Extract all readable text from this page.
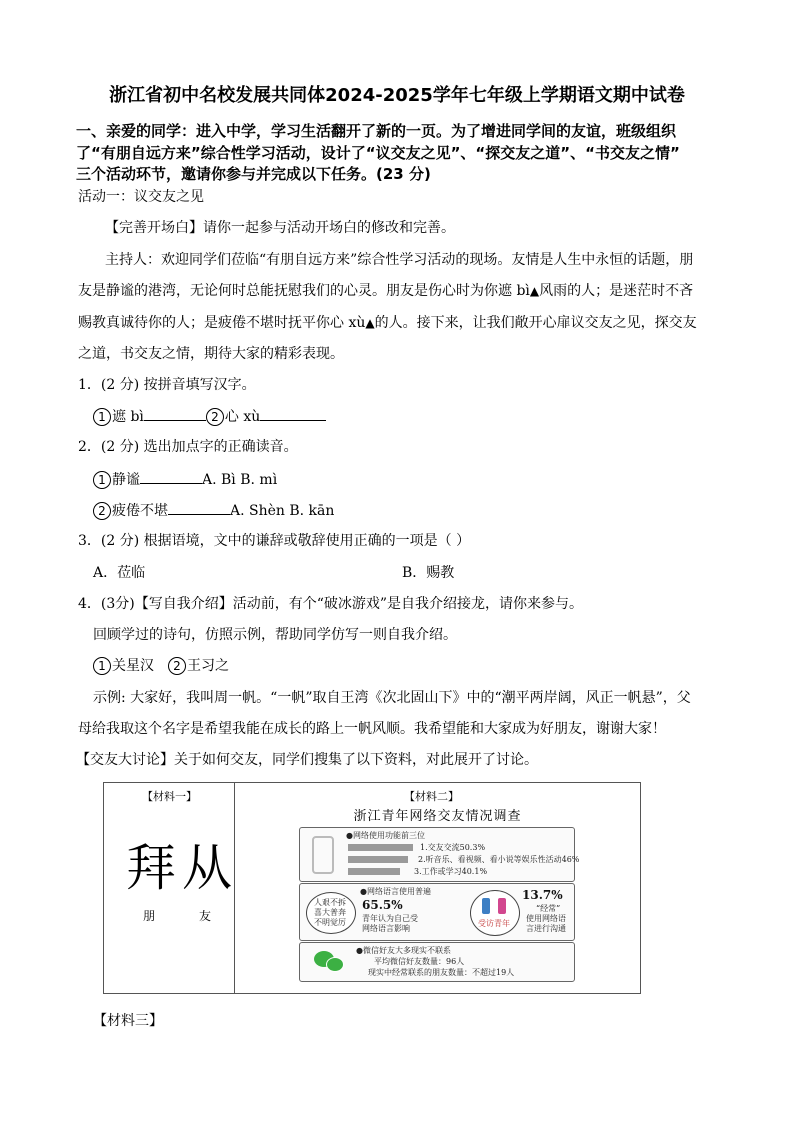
浙江省初中名校发展共同体2024-2025学年七年级上学期语文期中试卷
一、亲爱的同学：进入中学，学习生活翻开了新的一页。为了增进同学间的友谊，班级组织
了“有朋自远方来”综合性学习活动，设计了“议交友之见”、“探交友之道”、“书交友之情”
三个活动环节，邀请你参与并完成以下任务。(23 分)
活动一：议交友之见
【完善开场白】请你一起参与活动开场白的修改和完善。
主持人：欢迎同学们莅临“有朋自远方来”综合性学习活动的现场。友情是人生中永恒的话题，朋
友是静谧的港湾，无论何时总能抚慰我们的心灵。朋友是伤心时为你遮 bì▲风雨的人；是迷茫时不吝
赐教真诚待你的人；是疲倦不堪时抚平你心 xù▲的人。接下来，让我们敞开心扉议交友之见，探交友
之道，书交友之情，期待大家的精彩表现。
1．(2 分) 按拼音填写汉字。
1 遮 bì	2 心 xù
2．(2 分) 选出加点字的正确读音。
1 静谧	A. Bì B. mì
2 疲倦不堪	A. Shèn B. kān
3．(2 分) 根据语境，文中的谦辞或敬辞使用正确的一项是（ ）
A．莅临	B．赐教
4．(3分)【写自我介绍】活动前，有个“破冰游戏”是自我介绍接龙，请你来参与。
回顾学过的诗句，仿照示例，帮助同学仿写一则自我介绍。
1 关星汉 2 王习之
示例: 大家好，我叫周一帆。“一帆”取自王湾《次北固山下》中的“潮平两岸阔，风正一帆悬”，父
母给我取这个名字是希望我能在成长的路上一帆风顺。我希望能和大家成为好朋友，谢谢大家！
【交友大讨论】关于如何交友，同学们搜集了以下资料，对此展开了讨论。
【材料一】
拜 从
朋	友
【材料二】
浙江青年网络交友情况调查
●网络使用功能前三位
1.交友交流50.3%
2.听音乐、看视频、看小说等娱乐性活动46%
3.工作或学习40.1%
人艰不拆
喜大普奔
不明觉厉
●网络语言使用普遍
65.5%
青年认为自己受
网络语言影响
受访青年
13.7%
“经常”
使用网络语
言进行沟通
●微信好友大多现实不联系
平均微信好友数量：96人
现实中经常联系的朋友数量：不超过19人
【材料三】
